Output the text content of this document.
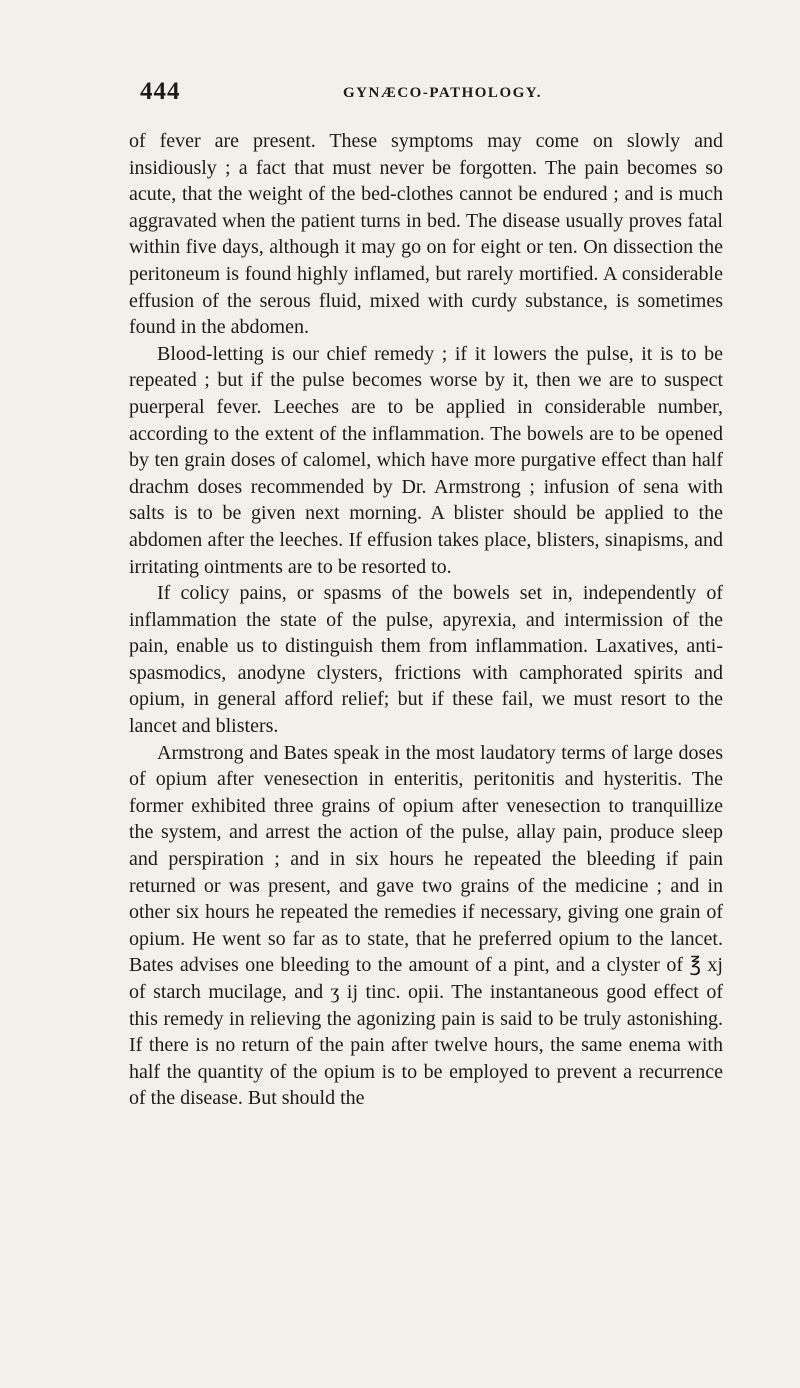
444	GYNÆCO-PATHOLOGY.

of fever are present. These symptoms may come on slowly and insidiously ; a fact that must never be forgotten. The pain becomes so acute, that the weight of the bed-clothes cannot be endured ; and is much aggravated when the patient turns in bed. The disease usually proves fatal within five days, although it may go on for eight or ten. On dissection the peritoneum is found highly inflamed, but rarely mortified. A considerable effusion of the serous fluid, mixed with curdy substance, is sometimes found in the abdomen.

Blood-letting is our chief remedy ; if it lowers the pulse, it is to be repeated ; but if the pulse becomes worse by it, then we are to suspect puerperal fever. Leeches are to be applied in considerable number, according to the extent of the inflammation. The bowels are to be opened by ten grain doses of calomel, which have more purgative effect than half drachm doses recommended by Dr. Armstrong ; infusion of sena with salts is to be given next morning. A blister should be applied to the abdomen after the leeches. If effusion takes place, blisters, sinapisms, and irritating ointments are to be resorted to.

If colicy pains, or spasms of the bowels set in, independently of inflammation the state of the pulse, apyrexia, and intermission of the pain, enable us to distinguish them from inflammation. Laxatives, anti-spasmodics, anodyne clysters, frictions with camphorated spirits and opium, in general afford relief; but if these fail, we must resort to the lancet and blisters.

Armstrong and Bates speak in the most laudatory terms of large doses of opium after venesection in enteritis, peritonitis and hysteritis. The former exhibited three grains of opium after venesection to tranquillize the system, and arrest the action of the pulse, allay pain, produce sleep and perspiration ; and in six hours he repeated the bleeding if pain returned or was present, and gave two grains of the medicine ; and in other six hours he repeated the remedies if necessary, giving one grain of opium. He went so far as to state, that he preferred opium to the lancet. Bates advises one bleeding to the amount of a pint, and a clyster of ℥ xj of starch mucilage, and ʒ ij tinc. opii. The instantaneous good effect of this remedy in relieving the agonizing pain is said to be truly astonishing. If there is no return of the pain after twelve hours, the same enema with half the quantity of the opium is to be employed to prevent a recurrence of the disease. But should the
